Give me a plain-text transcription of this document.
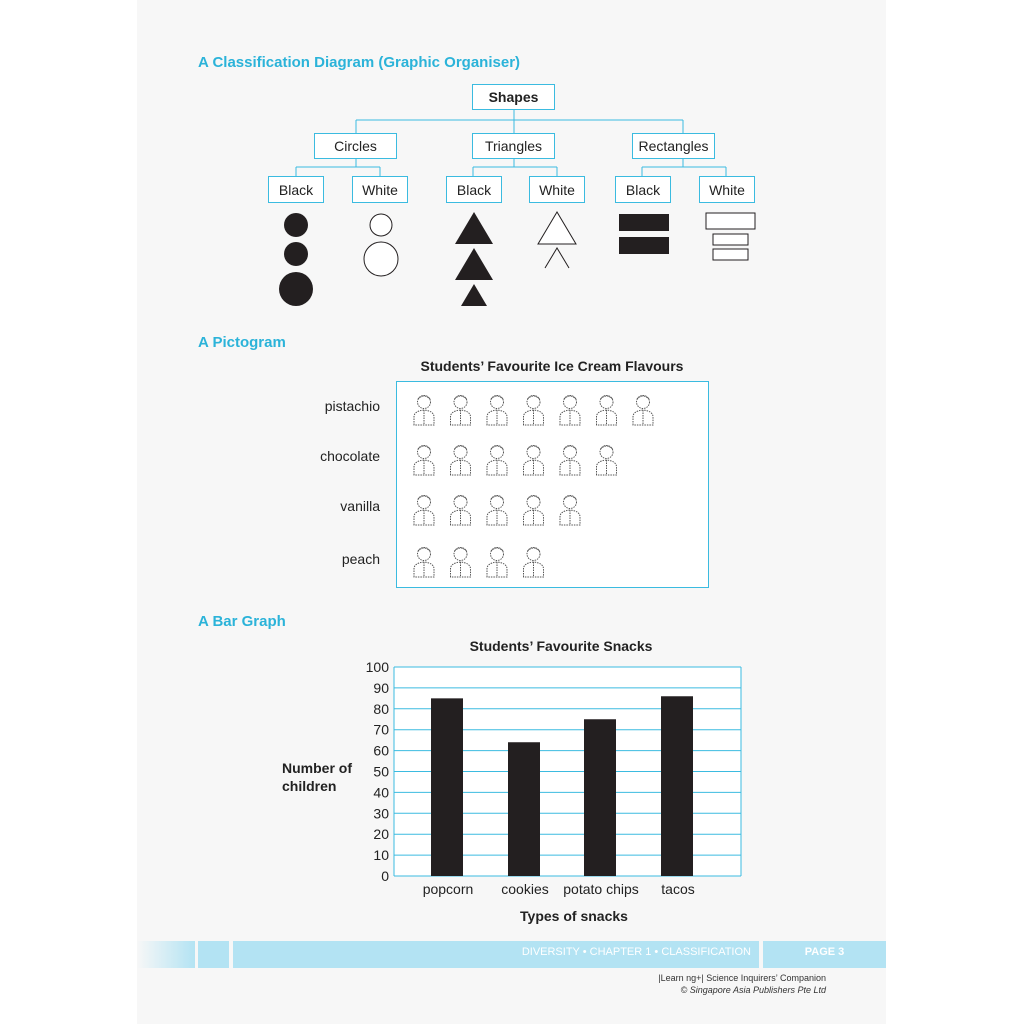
A Classification Diagram (Graphic Organiser)
Shapes
Circles	Triangles	Rectangles
Black	White	Black	White	Black	White
A Pictogram
Students’ Favourite Ice Cream Flavours
pistachio
chocolate
vanilla
peach
A Bar Graph
Students’ Favourite Snacks
Number of
children
Types of snacks
0
10
20
30
40
50
60
70
80
90
100
popcorn cookies potato chips tacos
DIVERSITY • CHAPTER 1 • CLASSIFICATION	PAGE 3
|Learn ng+| Science Inquirers’ Companion
© Singapore Asia Publishers Pte Ltd
